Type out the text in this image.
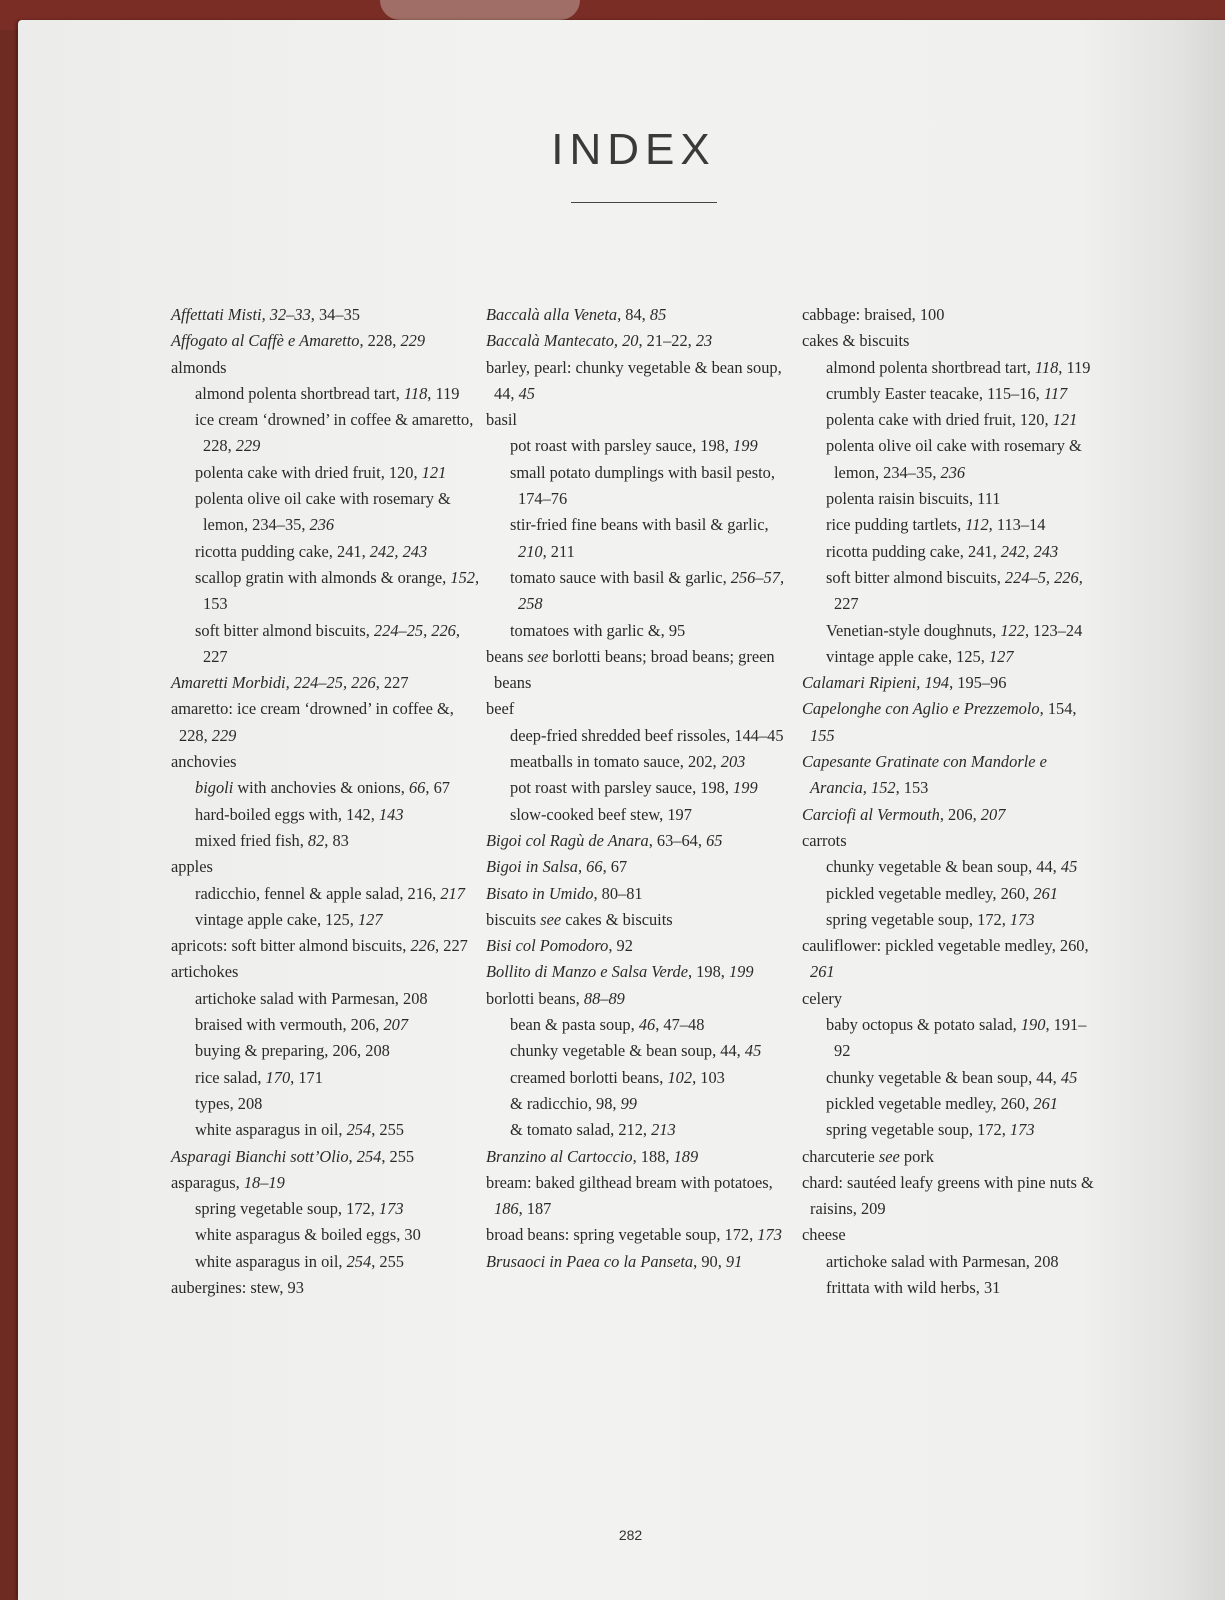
INDEX

Affettati Misti, 32–33, 34–35

Affogato al Caffè e Amaretto, 228, 229

almonds

almond polenta shortbread tart, 118, 119

ice cream ‘drowned’ in coffee & amaretto, 228, 229

polenta cake with dried fruit, 120, 121

polenta olive oil cake with rosemary & lemon, 234–35, 236

ricotta pudding cake, 241, 242, 243

scallop gratin with almonds & orange, 152, 153

soft bitter almond biscuits, 224–25, 226, 227

Amaretti Morbidi, 224–25, 226, 227

amaretto: ice cream ‘drowned’ in coffee &, 228, 229

anchovies

bigoli with anchovies & onions, 66, 67

hard-boiled eggs with, 142, 143

mixed fried fish, 82, 83

apples

radicchio, fennel & apple salad, 216, 217

vintage apple cake, 125, 127

apricots: soft bitter almond biscuits, 226, 227

artichokes

artichoke salad with Parmesan, 208

braised with vermouth, 206, 207

buying & preparing, 206, 208

rice salad, 170, 171

types, 208

white asparagus in oil, 254, 255

Asparagi Bianchi sott’Olio, 254, 255

asparagus, 18–19

spring vegetable soup, 172, 173

white asparagus & boiled eggs, 30

white asparagus in oil, 254, 255

aubergines: stew, 93

Baccalà alla Veneta, 84, 85

Baccalà Mantecato, 20, 21–22, 23

barley, pearl: chunky vegetable & bean soup, 44, 45

basil

pot roast with parsley sauce, 198, 199

small potato dumplings with basil pesto, 174–76

stir-fried fine beans with basil & garlic, 210, 211

tomato sauce with basil & garlic, 256–57, 258

tomatoes with garlic &, 95

beans see borlotti beans; broad beans; green beans

beef

deep-fried shredded beef rissoles, 144–45

meatballs in tomato sauce, 202, 203

pot roast with parsley sauce, 198, 199

slow-cooked beef stew, 197

Bigoi col Ragù de Anara, 63–64, 65

Bigoi in Salsa, 66, 67

Bisato in Umido, 80–81

biscuits see cakes & biscuits

Bisi col Pomodoro, 92

Bollito di Manzo e Salsa Verde, 198, 199

borlotti beans, 88–89

bean & pasta soup, 46, 47–48

chunky vegetable & bean soup, 44, 45

creamed borlotti beans, 102, 103

& radicchio, 98, 99

& tomato salad, 212, 213

Branzino al Cartoccio, 188, 189

bream: baked gilthead bream with potatoes, 186, 187

broad beans: spring vegetable soup, 172, 173

Brusaoci in Paea co la Panseta, 90, 91

cabbage: braised, 100

cakes & biscuits

almond polenta shortbread tart, 118, 119

crumbly Easter teacake, 115–16, 117

polenta cake with dried fruit, 120, 121

polenta olive oil cake with rosemary & lemon, 234–35, 236

polenta raisin biscuits, 111

rice pudding tartlets, 112, 113–14

ricotta pudding cake, 241, 242, 243

soft bitter almond biscuits, 224–5, 226, 227

Venetian-style doughnuts, 122, 123–24

vintage apple cake, 125, 127

Calamari Ripieni, 194, 195–96

Capelonghe con Aglio e Prezzemolo, 154, 155

Capesante Gratinate con Mandorle e Arancia, 152, 153

Carciofi al Vermouth, 206, 207

carrots

chunky vegetable & bean soup, 44, 45

pickled vegetable medley, 260, 261

spring vegetable soup, 172, 173

cauliflower: pickled vegetable medley, 260, 261

celery

baby octopus & potato salad, 190, 191–92

chunky vegetable & bean soup, 44, 45

pickled vegetable medley, 260, 261

spring vegetable soup, 172, 173

charcuterie see pork

chard: sautéed leafy greens with pine nuts & raisins, 209

cheese

artichoke salad with Parmesan, 208

frittata with wild herbs, 31

282
